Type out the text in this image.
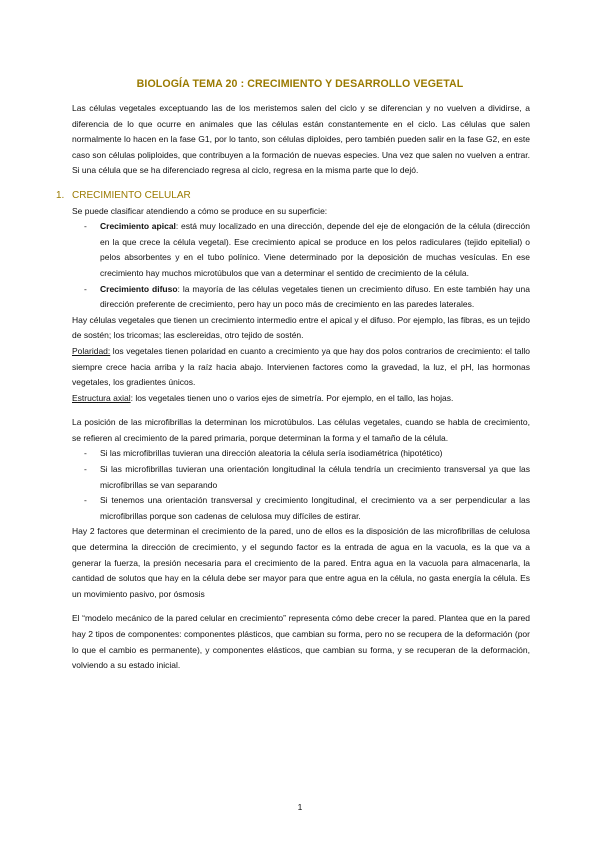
BIOLOGÍA TEMA 20 : CRECIMIENTO Y DESARROLLO VEGETAL

Las células vegetales exceptuando las de los meristemos salen del ciclo y se diferencian y no vuelven a dividirse, a diferencia de lo que ocurre en animales que las células están constantemente en el ciclo. Las células que salen normalmente lo hacen en la fase G1, por lo tanto, son células diploides, pero también pueden salir en la fase G2, en este caso son células poliploides, que contribuyen a la formación de nuevas especies. Una vez que salen no vuelven a entrar. Si una célula que se ha diferenciado regresa al ciclo, regresa en la misma parte que lo dejó.

1. CRECIMIENTO CELULAR

Se puede clasificar atendiendo a cómo se produce en su superficie:

- Crecimiento apical: está muy localizado en una dirección, depende del eje de elongación de la célula (dirección en la que crece la célula vegetal). Ese crecimiento apical se produce en los pelos radiculares (tejido epitelial) o pelos absorbentes y en el tubo polínico. Viene determinado por la deposición de muchas vesículas. En ese crecimiento hay muchos microtúbulos que van a determinar el sentido de crecimiento de la célula.
- Crecimiento difuso: la mayoría de las células vegetales tienen un crecimiento difuso. En este también hay una dirección preferente de crecimiento, pero hay un poco más de crecimiento en las paredes laterales.

Hay células vegetales que tienen un crecimiento intermedio entre el apical y el difuso. Por ejemplo, las fibras, es un tejido de sostén; los tricomas; las esclereidas, otro tejido de sostén.

Polaridad: los vegetales tienen polaridad en cuanto a crecimiento ya que hay dos polos contrarios de crecimiento: el tallo siempre crece hacia arriba y la raíz hacia abajo. Intervienen factores como la gravedad, la luz, el pH, las hormonas vegetales, los gradientes únicos.

Estructura axial: los vegetales tienen uno o varios ejes de simetría. Por ejemplo, en el tallo, las hojas.

La posición de las microfibrillas la determinan los microtúbulos. Las células vegetales, cuando se habla de crecimiento, se refieren al crecimiento de la pared primaria, porque determinan la forma y el tamaño de la célula.

- Si las microfibrillas tuvieran una dirección aleatoria la célula sería isodiamétrica (hipotético)
- Si las microfibrillas tuvieran una orientación longitudinal la célula tendría un crecimiento transversal ya que las microfibrillas se van separando
- Si tenemos una orientación transversal y crecimiento longitudinal, el crecimiento va a ser perpendicular a las microfibrillas porque son cadenas de celulosa muy difíciles de estirar.

Hay 2 factores que determinan el crecimiento de la pared, uno de ellos es la disposición de las microfibrillas de celulosa que determina la dirección de crecimiento, y el segundo factor es la entrada de agua en la vacuola, es la que va a generar la fuerza, la presión necesaria para el crecimiento de la pared. Entra agua en la vacuola para almacenarla, la cantidad de solutos que hay en la célula debe ser mayor para que entre agua en la célula, no gasta energía la célula. Es un movimiento pasivo, por ósmosis

El “modelo mecánico de la pared celular en crecimiento” representa cómo debe crecer la pared. Plantea que en la pared hay 2 tipos de componentes: componentes plásticos, que cambian su forma, pero no se recupera de la deformación (por lo que el cambio es permanente), y componentes elásticos, que cambian su forma, y se recuperan de la deformación, volviendo a su estado inicial.

1
